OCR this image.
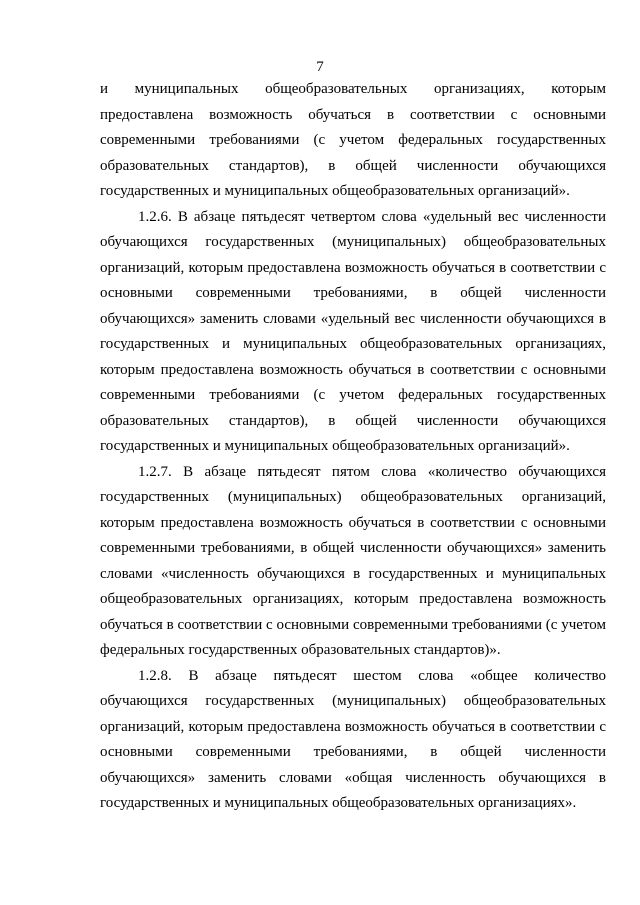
7

и муниципальных общеобразовательных организациях, которым предоставлена возможность обучаться в соответствии с основными современными требованиями (с учетом федеральных государственных образовательных стандартов), в общей численности обучающихся государственных и муниципальных общеобразовательных организаций».

1.2.6. В абзаце пятьдесят четвертом слова «удельный вес численности обучающихся государственных (муниципальных) общеобразовательных организаций, которым предоставлена возможность обучаться в соответствии с основными современными требованиями, в общей численности обучающихся» заменить словами «удельный вес численности обучающихся в государственных и муниципальных общеобразовательных организациях, которым предоставлена возможность обучаться в соответствии с основными современными требованиями (с учетом федеральных государственных образовательных стандартов), в общей численности обучающихся государственных и муниципальных общеобразовательных организаций».

1.2.7. В абзаце пятьдесят пятом слова «количество обучающихся государственных (муниципальных) общеобразовательных организаций, которым предоставлена возможность обучаться в соответствии с основными современными требованиями, в общей численности обучающихся» заменить словами «численность обучающихся в государственных и муниципальных общеобразовательных организациях, которым предоставлена возможность обучаться в соответствии с основными современными требованиями (с учетом федеральных государственных образовательных стандартов)».

1.2.8. В абзаце пятьдесят шестом слова «общее количество обучающихся государственных (муниципальных) общеобразовательных организаций, которым предоставлена возможность обучаться в соответствии с основными современными требованиями, в общей численности обучающихся» заменить словами «общая численность обучающихся в государственных и муниципальных общеобразовательных организациях».
